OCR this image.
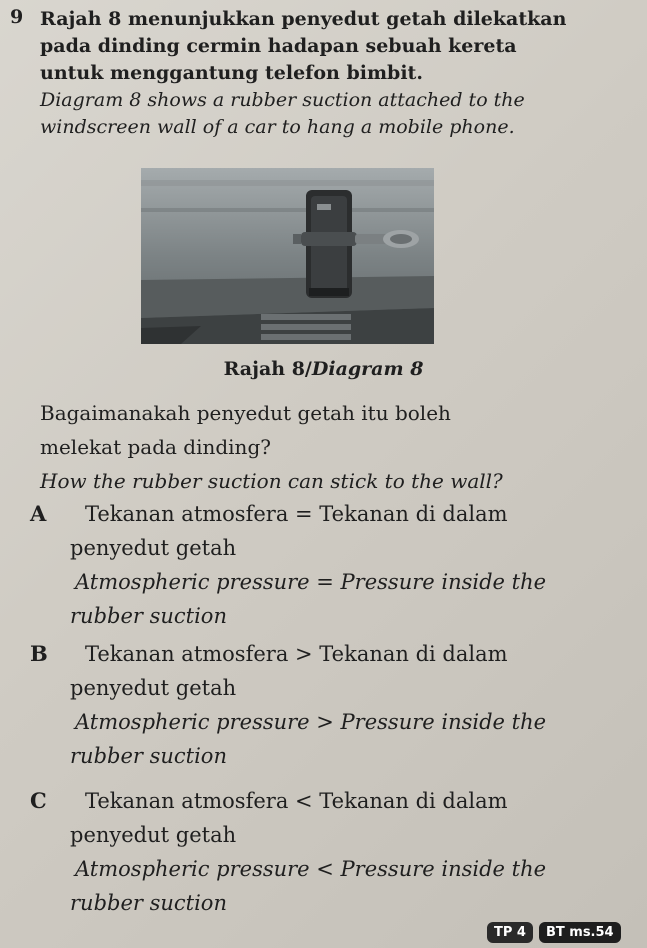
9 Rajah 8 menunjukkan penyedut getah dilekatkan

pada dinding cermin hadapan sebuah kereta

untuk menggantung telefon bimbit.

Diagram 8 shows a rubber suction attached to the

windscreen wall of a car to hang a mobile phone.

Rajah 8/Diagram 8
Bagaimanakah penyedut getah itu boleh
melekat pada dinding?
How the rubber suction can stick to the wall?
A Tekanan atmosfera = Tekanan di dalam
penyedut getah
Atmospheric pressure = Pressure inside the
rubber suction
B Tekanan atmosfera > Tekanan di dalam
penyedut getah
Atmospheric pressure > Pressure inside the
rubber suction
C Tekanan atmosfera < Tekanan di dalam
penyedut getah
Atmospheric pressure < Pressure inside the
rubber suction
TP 4	BT ms.54
